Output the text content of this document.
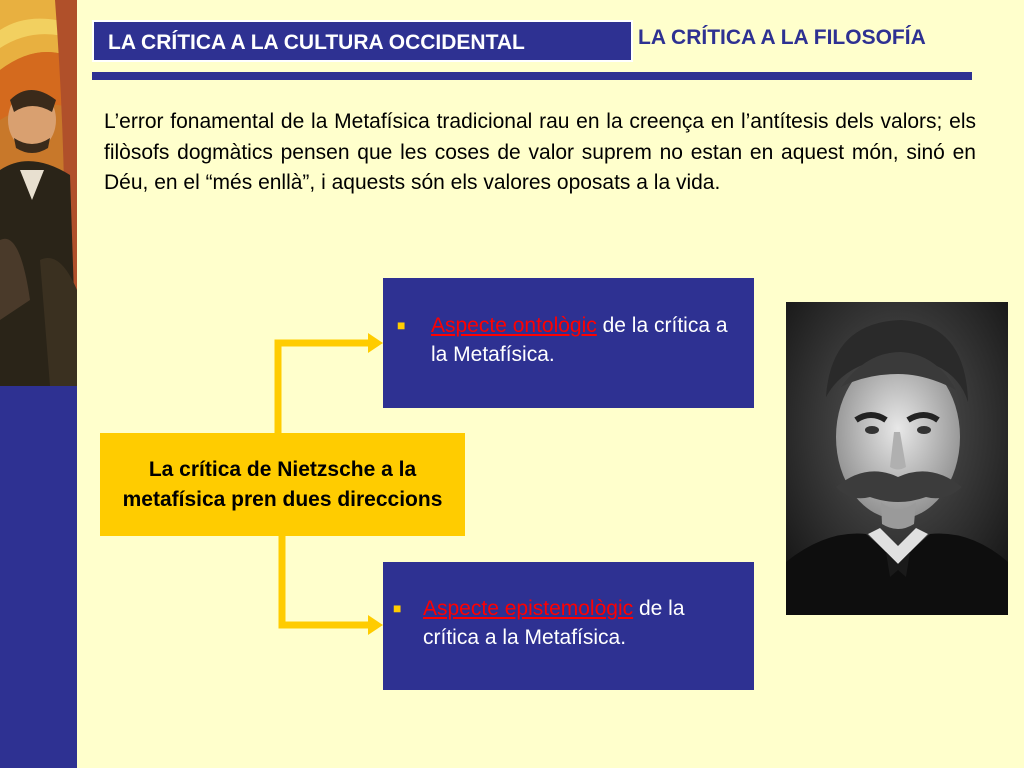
LA CRÍTICA A LA CULTURA OCCIDENTAL	LA CRÍTICA A LA FILOSOFÍA

L’error fonamental de la Metafísica tradicional rau en la creença en l’antítesis dels valors; els filòsofs dogmàtics pensen que les coses de valor suprem no estan en aquest món, sinó en Déu, en el “més enllà”, i aquests són els valores oposats a la vida.

La crítica de Nietzsche a la metafísica pren dues direccions
■ Aspecte ontològic de la crítica a la Metafísica.
■ Aspecte epistemològic de la crítica a la Metafísica.
